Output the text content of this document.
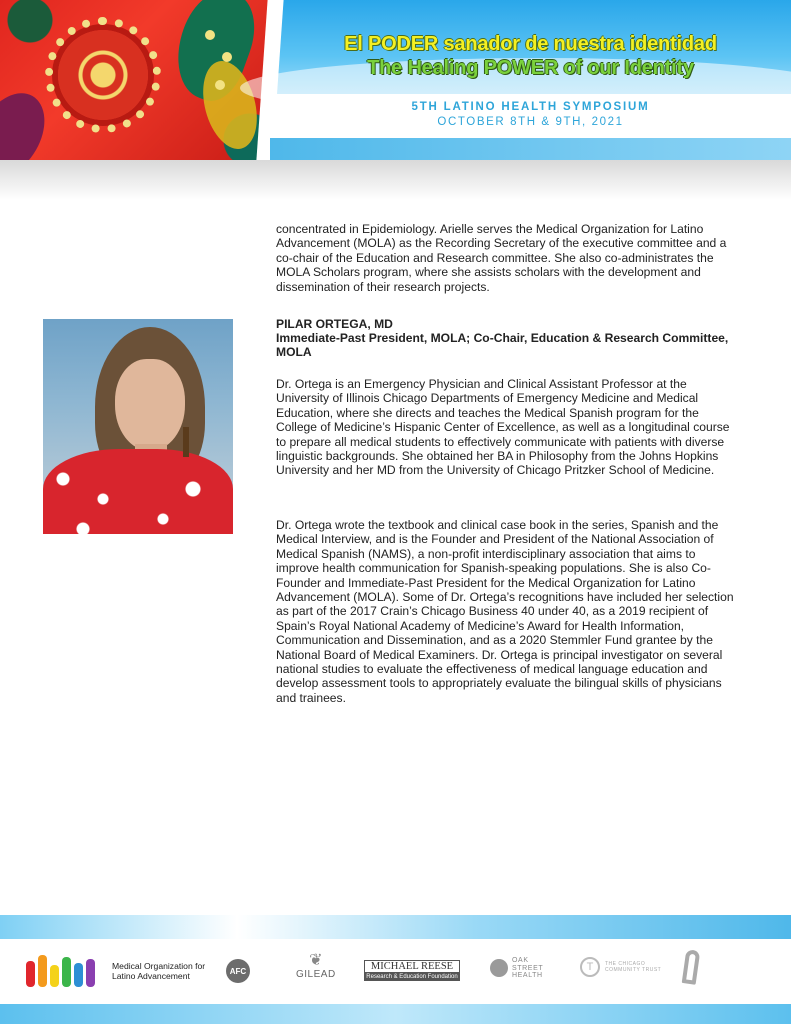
El PODER sanador de nuestra identidad
The Healing POWER of our Identity
5TH LATINO HEALTH SYMPOSIUM
OCTOBER 8TH & 9TH, 2021

concentrated in Epidemiology. Arielle serves the Medical Organization for Latino Advancement (MOLA) as the Recording Secretary of the executive committee and a co-chair of the Education and Research committee. She also co-administrates the MOLA Scholars program, where she assists scholars with the development and dissemination of their research projects.

PILAR ORTEGA, MD
Immediate-Past President, MOLA; Co-Chair, Education & Research Committee, MOLA

Dr. Ortega is an Emergency Physician and Clinical Assistant Professor at the University of Illinois Chicago Departments of Emergency Medicine and Medical Education, where she directs and teaches the Medical Spanish program for the College of Medicine’s Hispanic Center of Excellence, as well as a longitudinal course to prepare all medical students to effectively communicate with patients with diverse linguistic backgrounds. She obtained her BA in Philosophy from the Johns Hopkins University and her MD from the University of Chicago Pritzker School of Medicine.

Dr. Ortega wrote the textbook and clinical case book in the series, Spanish and the Medical Interview, and is the Founder and President of the National Association of Medical Spanish (NAMS), a non-profit interdisciplinary association that aims to improve health communication for Spanish-speaking populations. She is also Co-Founder and Immediate-Past President for the Medical Organization for Latino Advancement (MOLA). Some of Dr. Ortega’s recognitions have included her selection as part of the 2017 Crain’s Chicago Business 40 under 40, as a 2019 recipient of Spain’s Royal National Academy of Medicine’s Award for Health Information, Communication and Dissemination, and as a 2020 Stemmler Fund grantee by the National Board of Medical Examiners. Dr. Ortega is principal investigator on several national studies to evaluate the effectiveness of medical language education and develop assessment tools to appropriately evaluate the bilingual skills of physicians and trainees.

Medical Organization for
Latino Advancement	AFC
❦
GILEAD
MICHAEL REESE
Research & Education Foundation
OAK
STREET
HEALTH
T	THE CHICAGO
COMMUNITY TRUST
